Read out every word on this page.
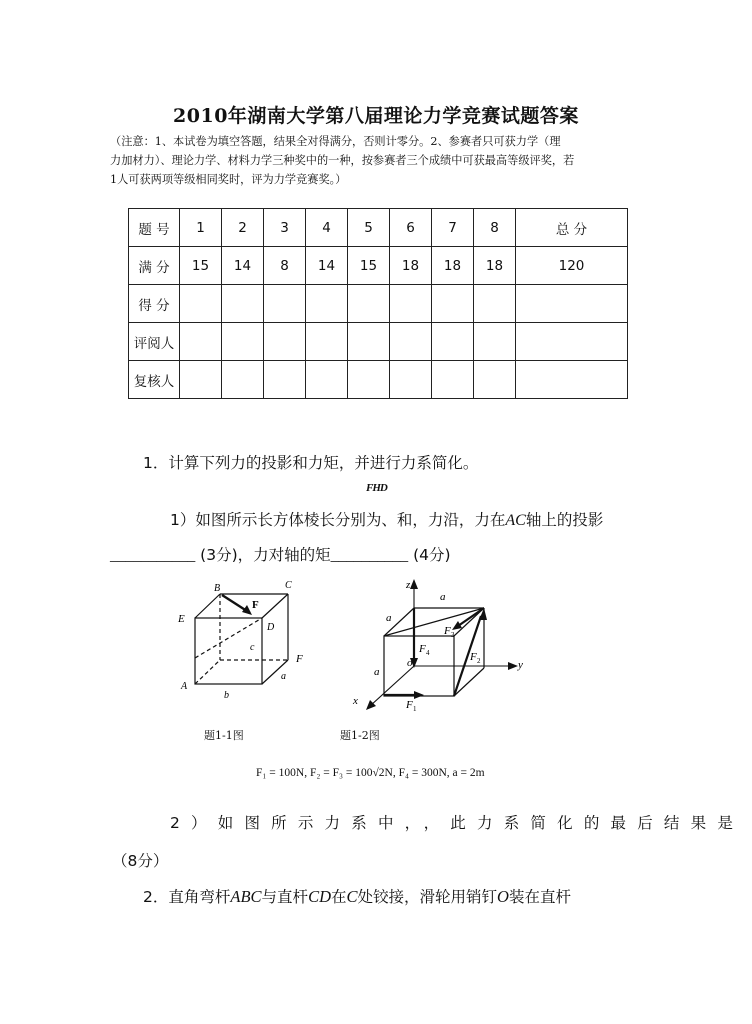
2010年湖南大学第八届理论力学竞赛试题答案
（注意：1、本试卷为填空答题，结果全对得满分，否则计零分。2、参赛者只可获力学（理
力加材力）、理论力学、材料力学三种奖中的一种，按参赛者三个成绩中可获最高等级评奖，若
1人可获两项等级相同奖时，评为力学竞赛奖。）
题 号	1	2	3	4	5	6	7	8	总 分
满 分	15	14	8	14	15	18	18	18	120
得 分									
评阅人									
复核人									
1．计算下列力的投影和力矩，并进行力系简化。
FHD
1）如图所示长方体棱长分别为、和，力沿，力在AC轴上的投影
___________ (3分)，力对轴的矩__________ (4分)
B	C
F
E
D
c
F
a
A
b
题1-1图
z
a
a
F 3
F 4
o	F 2	y
a
x	F 1
题1-2图
F₁ = 100N, F₂ = F₃ = 100√2N, F₄ = 300N, a = 2m
2）如图所示力系中，，此力系简化的最后结果是
（8分）
2．直角弯杆ABC与直杆CD在C处铰接，滑轮用销钉O装在直杆
